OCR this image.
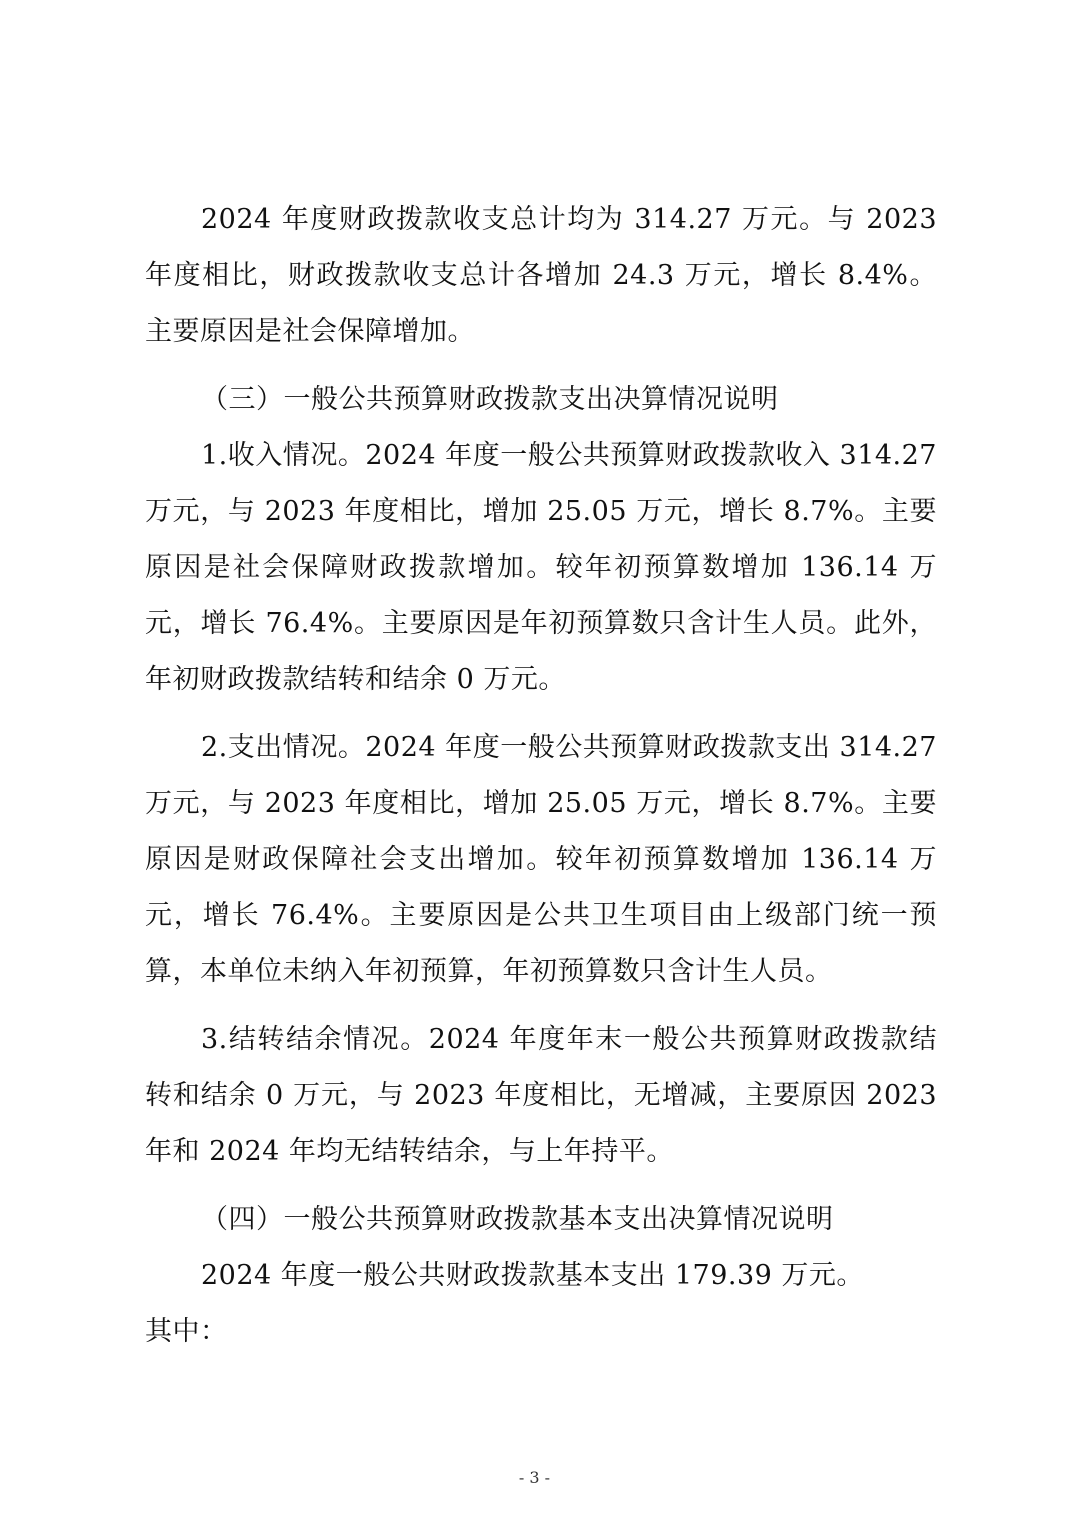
2024 年度财政拨款收支总计均为 314.27 万元。与 2023 年度相比，财政拨款收支总计各增加 24.3 万元，增长 8.4%。主要原因是社会保障增加。

（三）一般公共预算财政拨款支出决算情况说明

1.收入情况。2024 年度一般公共预算财政拨款收入 314.27 万元，与 2023 年度相比，增加 25.05 万元，增长 8.7%。主要原因是社会保障财政拨款增加。较年初预算数增加 136.14 万元，增长 76.4%。主要原因是年初预算数只含计生人员。此外，年初财政拨款结转和结余 0 万元。

2.支出情况。2024 年度一般公共预算财政拨款支出 314.27 万元，与 2023 年度相比，增加 25.05 万元，增长 8.7%。主要原因是财政保障社会支出增加。较年初预算数增加 136.14 万元，增长 76.4%。主要原因是公共卫生项目由上级部门统一预算，本单位未纳入年初预算，年初预算数只含计生人员。

3.结转结余情况。2024 年度年末一般公共预算财政拨款结转和结余 0 万元，与 2023 年度相比，无增减，主要原因 2023 年和 2024 年均无结转结余，与上年持平。

（四）一般公共预算财政拨款基本支出决算情况说明

2024 年度一般公共财政拨款基本支出 179.39 万元。

其中：

- 3 -
